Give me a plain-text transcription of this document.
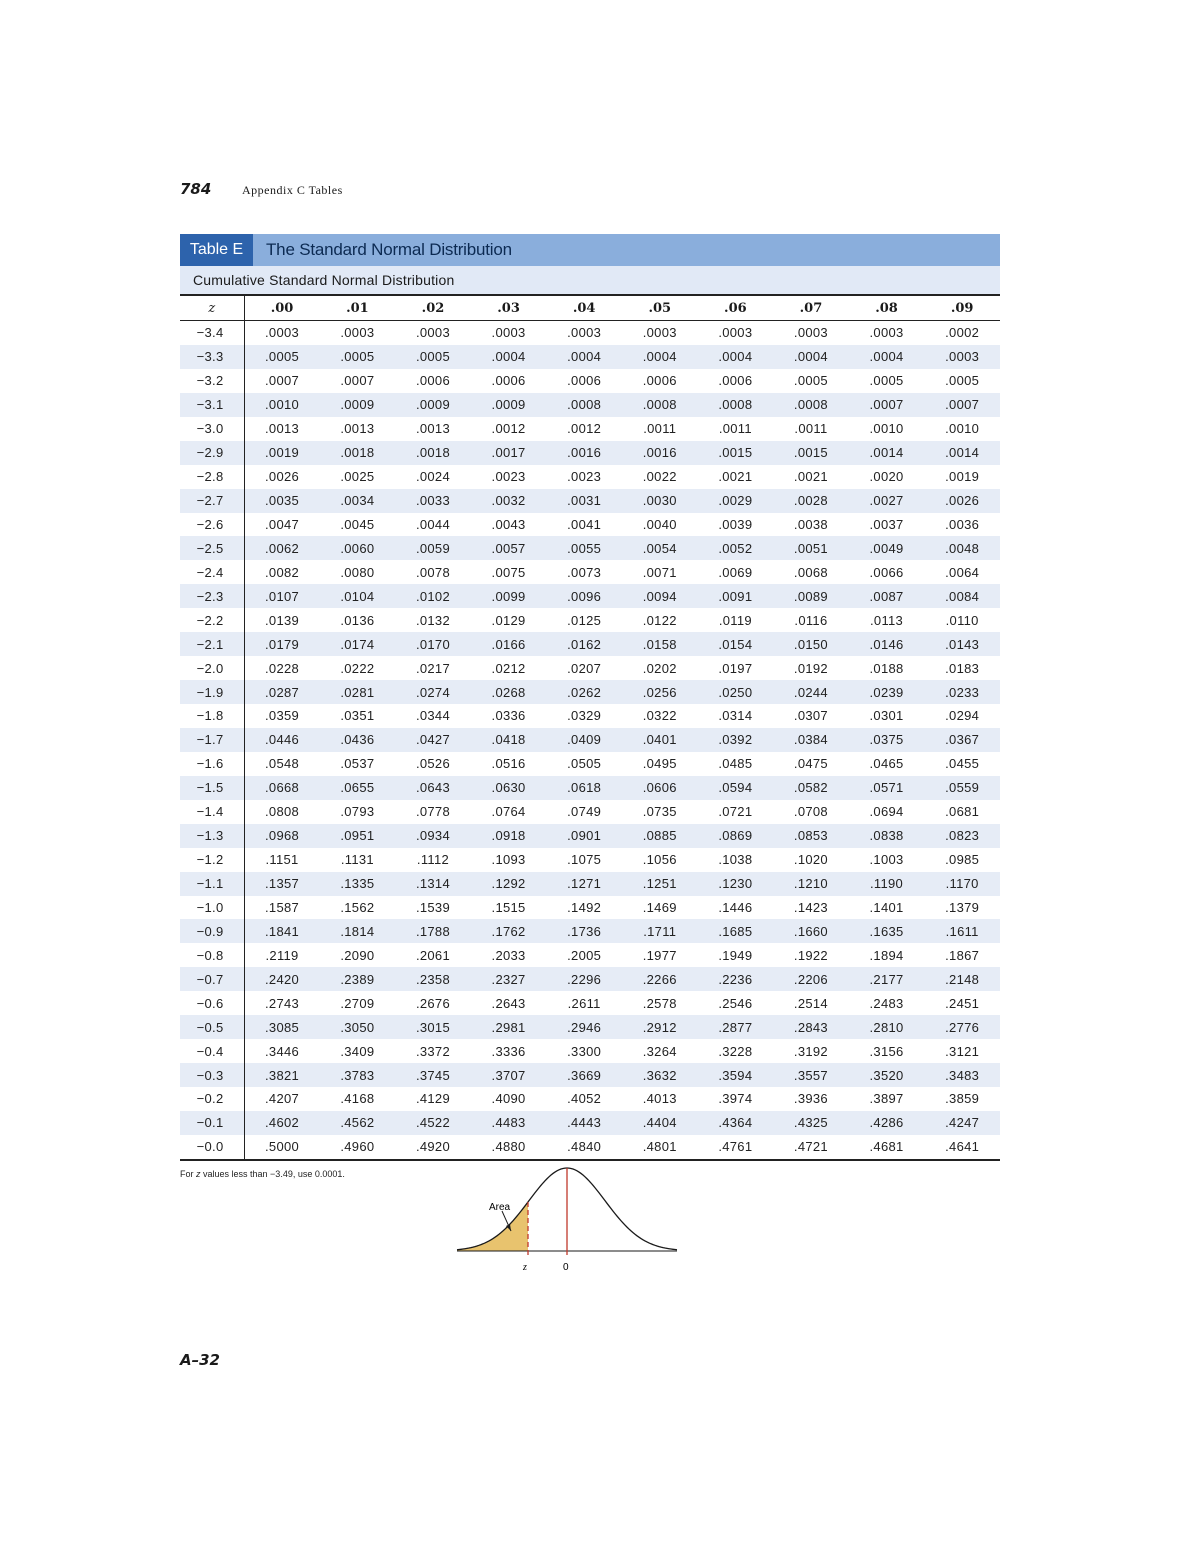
784	Appendix C Tables
Table E	The Standard Normal Distribution
Cumulative Standard Normal Distribution
z	.00	.01	.02	.03	.04	.05	.06	.07	.08	.09
−3.4	.0003	.0003	.0003	.0003	.0003	.0003	.0003	.0003	.0003	.0002
−3.3	.0005	.0005	.0005	.0004	.0004	.0004	.0004	.0004	.0004	.0003
−3.2	.0007	.0007	.0006	.0006	.0006	.0006	.0006	.0005	.0005	.0005
−3.1	.0010	.0009	.0009	.0009	.0008	.0008	.0008	.0008	.0007	.0007
−3.0	.0013	.0013	.0013	.0012	.0012	.0011	.0011	.0011	.0010	.0010
−2.9	.0019	.0018	.0018	.0017	.0016	.0016	.0015	.0015	.0014	.0014
−2.8	.0026	.0025	.0024	.0023	.0023	.0022	.0021	.0021	.0020	.0019
−2.7	.0035	.0034	.0033	.0032	.0031	.0030	.0029	.0028	.0027	.0026
−2.6	.0047	.0045	.0044	.0043	.0041	.0040	.0039	.0038	.0037	.0036
−2.5	.0062	.0060	.0059	.0057	.0055	.0054	.0052	.0051	.0049	.0048
−2.4	.0082	.0080	.0078	.0075	.0073	.0071	.0069	.0068	.0066	.0064
−2.3	.0107	.0104	.0102	.0099	.0096	.0094	.0091	.0089	.0087	.0084
−2.2	.0139	.0136	.0132	.0129	.0125	.0122	.0119	.0116	.0113	.0110
−2.1	.0179	.0174	.0170	.0166	.0162	.0158	.0154	.0150	.0146	.0143
−2.0	.0228	.0222	.0217	.0212	.0207	.0202	.0197	.0192	.0188	.0183
−1.9	.0287	.0281	.0274	.0268	.0262	.0256	.0250	.0244	.0239	.0233
−1.8	.0359	.0351	.0344	.0336	.0329	.0322	.0314	.0307	.0301	.0294
−1.7	.0446	.0436	.0427	.0418	.0409	.0401	.0392	.0384	.0375	.0367
−1.6	.0548	.0537	.0526	.0516	.0505	.0495	.0485	.0475	.0465	.0455
−1.5	.0668	.0655	.0643	.0630	.0618	.0606	.0594	.0582	.0571	.0559
−1.4	.0808	.0793	.0778	.0764	.0749	.0735	.0721	.0708	.0694	.0681
−1.3	.0968	.0951	.0934	.0918	.0901	.0885	.0869	.0853	.0838	.0823
−1.2	.1151	.1131	.1112	.1093	.1075	.1056	.1038	.1020	.1003	.0985
−1.1	.1357	.1335	.1314	.1292	.1271	.1251	.1230	.1210	.1190	.1170
−1.0	.1587	.1562	.1539	.1515	.1492	.1469	.1446	.1423	.1401	.1379
−0.9	.1841	.1814	.1788	.1762	.1736	.1711	.1685	.1660	.1635	.1611
−0.8	.2119	.2090	.2061	.2033	.2005	.1977	.1949	.1922	.1894	.1867
−0.7	.2420	.2389	.2358	.2327	.2296	.2266	.2236	.2206	.2177	.2148
−0.6	.2743	.2709	.2676	.2643	.2611	.2578	.2546	.2514	.2483	.2451
−0.5	.3085	.3050	.3015	.2981	.2946	.2912	.2877	.2843	.2810	.2776
−0.4	.3446	.3409	.3372	.3336	.3300	.3264	.3228	.3192	.3156	.3121
−0.3	.3821	.3783	.3745	.3707	.3669	.3632	.3594	.3557	.3520	.3483
−0.2	.4207	.4168	.4129	.4090	.4052	.4013	.3974	.3936	.3897	.3859
−0.1	.4602	.4562	.4522	.4483	.4443	.4404	.4364	.4325	.4286	.4247
−0.0	.5000	.4960	.4920	.4880	.4840	.4801	.4761	.4721	.4681	.4641
For z values less than −3.49, use 0.0001.
Area
z	0
A–32
